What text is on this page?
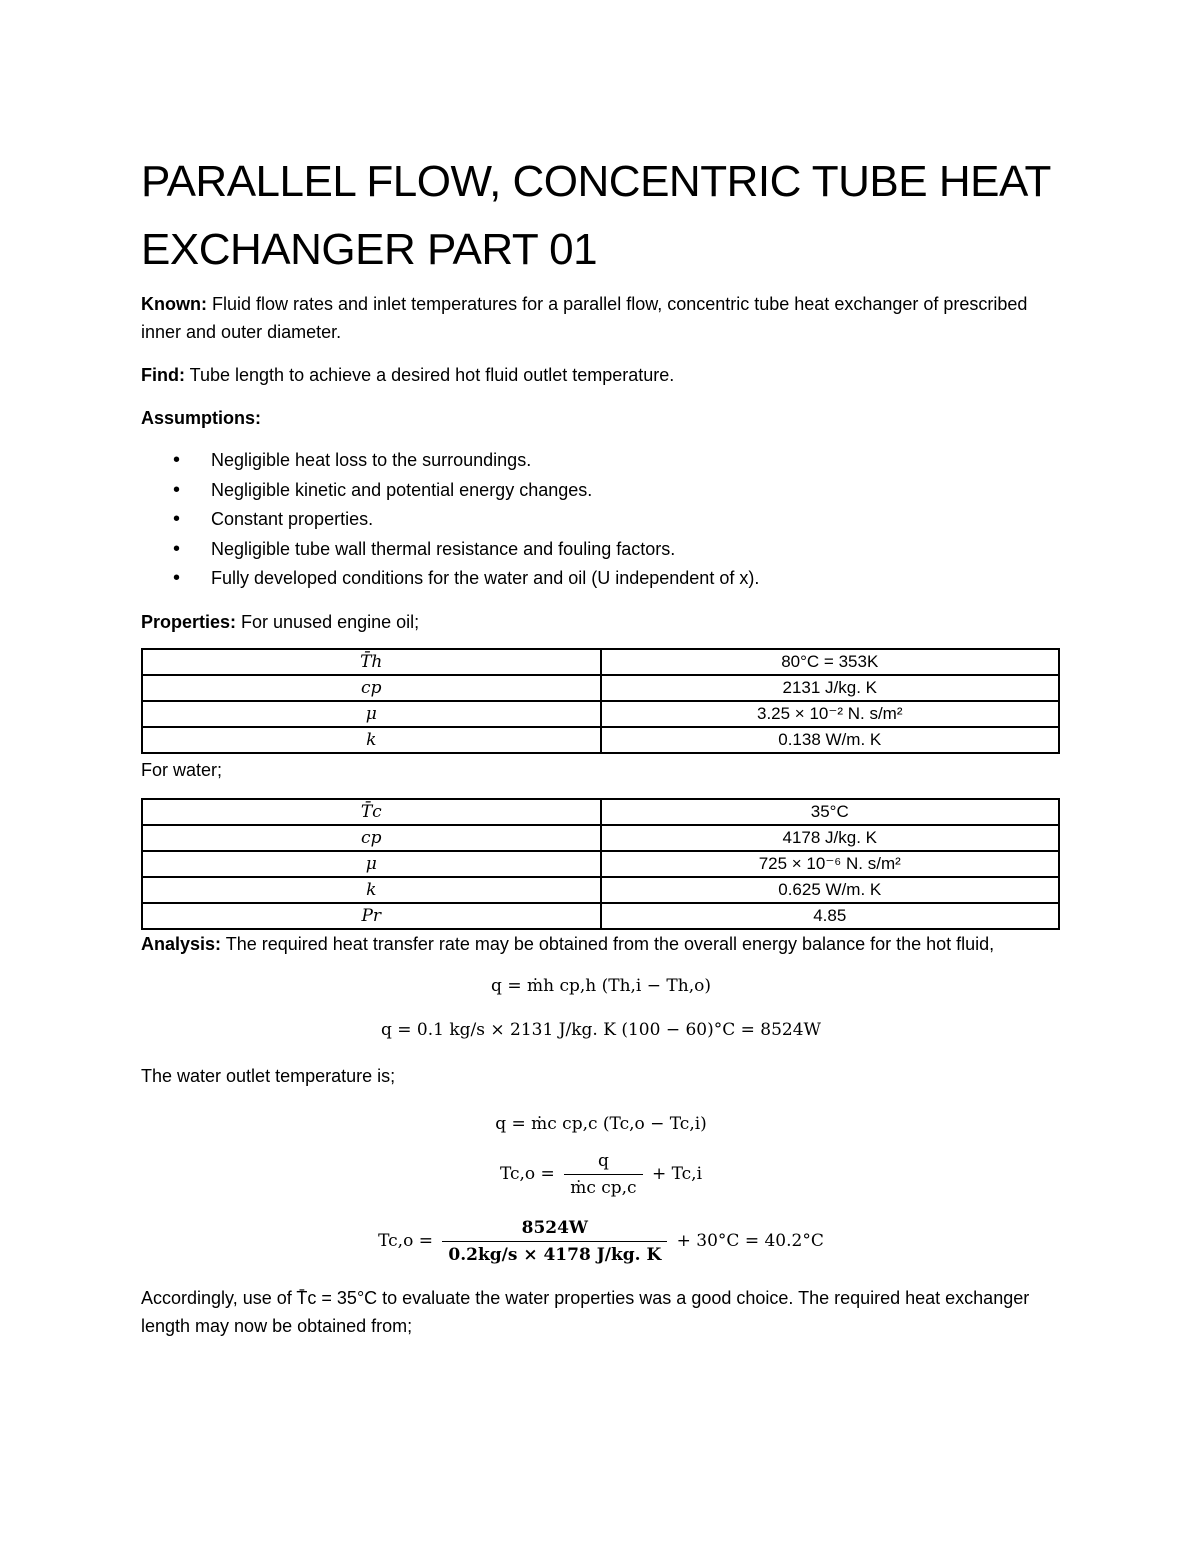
PARALLEL FLOW, CONCENTRIC TUBE HEAT EXCHANGER PART 01

Known: Fluid flow rates and inlet temperatures for a parallel flow, concentric tube heat exchanger of prescribed inner and outer diameter.

Find: Tube length to achieve a desired hot fluid outlet temperature.

Assumptions:

• Negligible heat loss to the surroundings.
• Negligible kinetic and potential energy changes.
• Constant properties.
• Negligible tube wall thermal resistance and fouling factors.
• Fully developed conditions for the water and oil (U independent of x).

Properties: For unused engine oil;

T̄h	80°C = 353K
cp	2131 J/kg. K
μ	3.25 × 10⁻² N. s/m²
k	0.138 W/m. K

For water;

T̄c	35°C
cp	4178 J/kg. K
μ	725 × 10⁻⁶ N. s/m²
k	0.625 W/m. K
Pr	4.85

Analysis: The required heat transfer rate may be obtained from the overall energy balance for the hot fluid,

q = ṁh cp,h (Th,i − Th,o)
q = 0.1 kg/s × 2131 J/kg. K (100 − 60)°C = 8524W

The water outlet temperature is;

q = ṁc cp,c (Tc,o − Tc,i)
$Tc,o = \frac{q}{\text{ṁc cp,c}} + Tc,i$
$Tc,o = \frac{8524W}{0.2kg/s \times 4178 J/kg. K} + 30^\circ C = 40.2^\circ C$

Accordingly, use of T̄c = 35°C to evaluate the water properties was a good choice. The required heat exchanger length may now be obtained from;
